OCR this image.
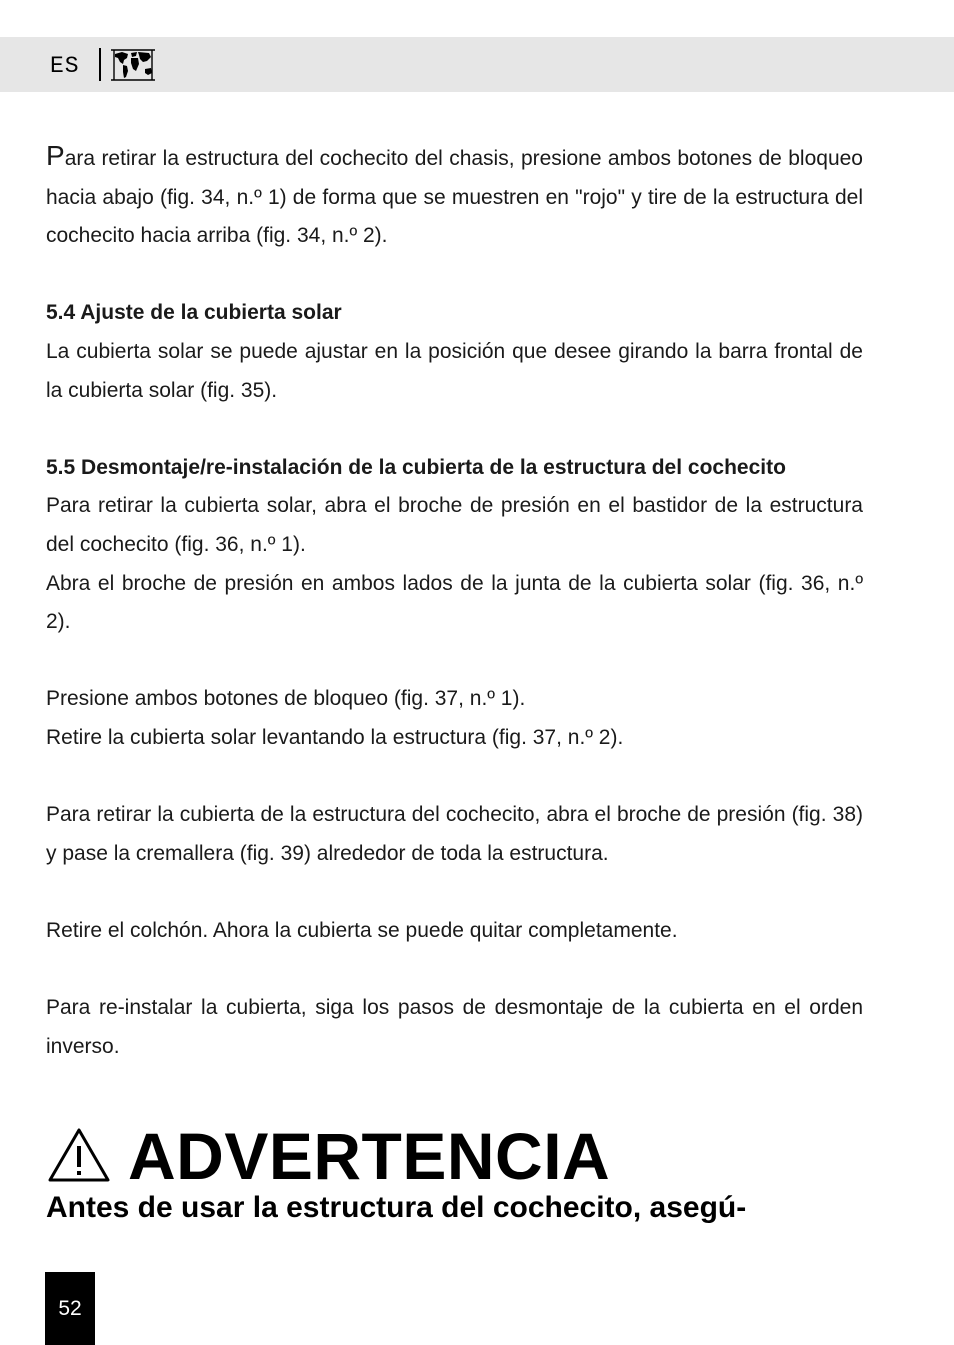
ES

Para retirar la estructura del cochecito del chasis, presione ambos botones de bloqueo hacia abajo (fig. 34, n.º 1) de forma que se muestren en "rojo" y tire de la estructura del cochecito hacia arriba (fig. 34, n.º 2).

5.4 Ajuste de la cubierta solar

La cubierta solar se puede ajustar en la posición que desee girando la barra frontal de la cubierta solar (fig. 35).

5.5 Desmontaje/re-instalación de la cubierta de la estructura del cochecito

Para retirar la cubierta solar, abra el broche de presión en el bastidor de la estructura del cochecito (fig. 36, n.º 1).

Abra el broche de presión en ambos lados de la junta de la cubierta solar (fig. 36, n.º 2).

Presione ambos botones de bloqueo (fig. 37, n.º 1).

Retire la cubierta solar levantando la estructura (fig. 37, n.º 2).

Para retirar la cubierta de la estructura del cochecito, abra el broche de presión (fig. 38) y pase la cremallera (fig. 39) alrededor de toda la estructura.

Retire el colchón. Ahora la cubierta se puede quitar completamente.

Para re-instalar la cubierta, siga los pasos de desmontaje de la cubierta en el orden inverso.

ADVERTENCIA
Antes de usar la estructura del cochecito, asegú-
52
